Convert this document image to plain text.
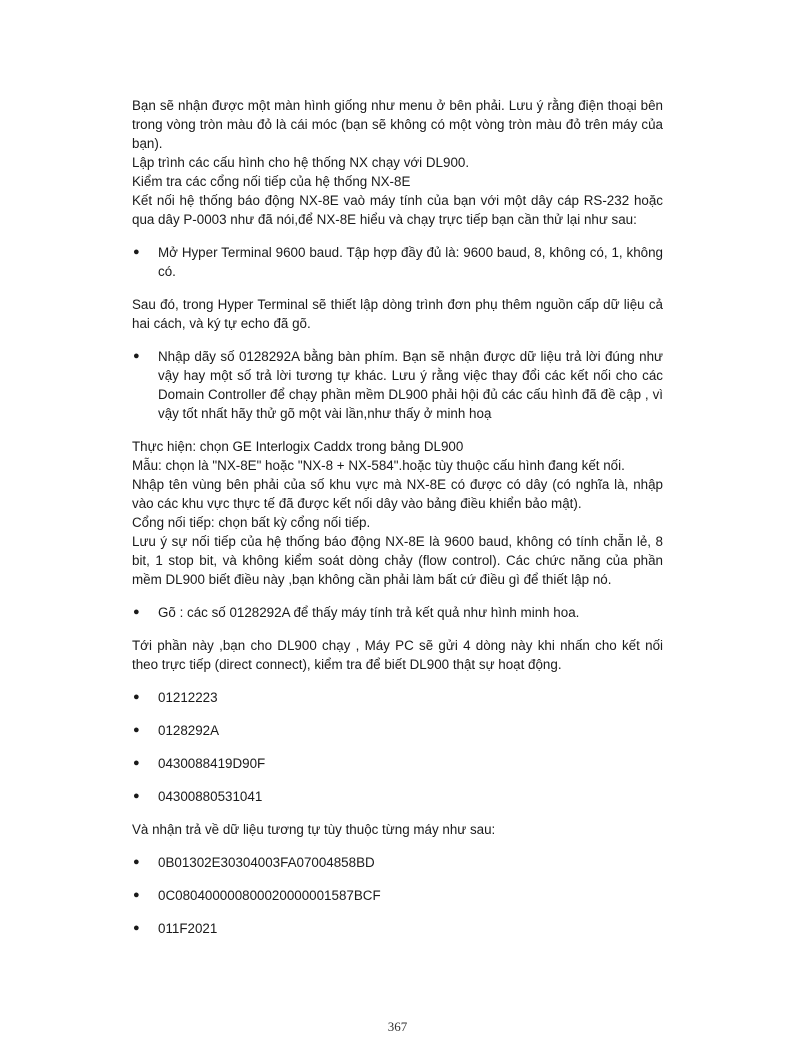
Bạn sẽ nhận được một màn hình giống như menu ở bên phải. Lưu ý rằng điện thoại bên trong vòng tròn màu đỏ là cái móc (bạn sẽ không có một vòng tròn màu đỏ trên máy của bạn).

Lập trình các cấu hình cho hệ thống NX chạy với DL900.

Kiểm tra các cổng nối tiếp của hệ thống NX-8E

Kết nối hệ thống báo động NX-8E vaò máy tính của bạn với một dây cáp RS-232 hoặc qua dây P-0003 như đã nói,để NX-8E hiểu và chạy trực tiếp bạn cần thử lại như sau:

● Mở Hyper Terminal 9600 baud. Tập hợp đầy đủ là: 9600 baud, 8, không có, 1, không có.

Sau đó, trong Hyper Terminal sẽ thiết lập dòng trình đơn phụ thêm nguồn cấp dữ liệu cả hai cách, và ký tự echo đã gõ.

● Nhập dãy số 0128292A bằng bàn phím. Bạn sẽ nhận được dữ liệu trả lời đúng như vậy hay một số trả lời tương tự khác. Lưu ý rằng việc thay đổi các kết nối cho các Domain Controller để chạy phần mềm DL900 phải hội đủ các cấu hình đã đề cập , vì vậy tốt nhất hãy thử gõ một vài lần,như thấy ở minh hoạ

Thực hiện: chọn GE Interlogix Caddx trong bảng DL900

Mẫu: chọn là "NX-8E" hoặc "NX-8 + NX-584".hoặc tùy thuộc cấu hình đang kết nối.

Nhập tên vùng bên phải của số khu vực mà NX-8E có được có dây (có nghĩa là, nhập vào các khu vực thực tế đã được kết nối dây vào bảng điều khiển bảo mật).

Cổng nối tiếp: chọn bất kỳ cổng nối tiếp.

Lưu ý sự nối tiếp của hệ thống báo động NX-8E là 9600 baud, không có tính chẵn lẻ, 8 bit, 1 stop bit, và không kiểm soát dòng chảy (flow control). Các chức năng của phần mềm DL900 biết điều này ,bạn không cần phải làm bất cứ điều gì để thiết lập nó.

● Gõ : các số 0128292A để thấy máy tính trả kết quả như hình minh hoa.

Tới phần này ,bạn cho DL900 chạy , Máy PC sẽ gửi 4 dòng này khi nhấn cho kết nối theo trực tiếp (direct connect), kiểm tra để biết DL900 thật sự hoạt động.

● 01212223
● 0128292A
● 0430088419D90F
● 04300880531041

Và nhận trả về dữ liệu tương tự tùy thuộc từng máy như sau:

● 0B01302E30304003FA07004858BD
● 0C080400000800020000001587BCF
● 011F2021
367
